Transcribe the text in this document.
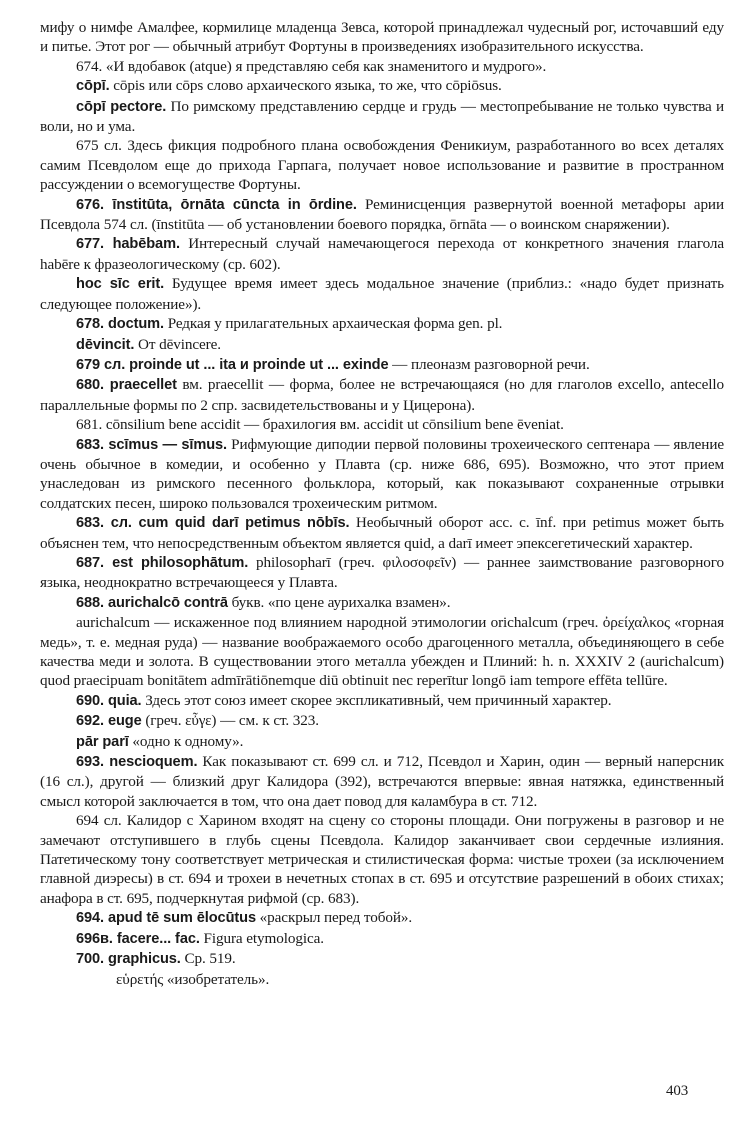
мифу о нимфе Амалфее, кормилице младенца Зевса, которой принадлежал чудесный рог, источавший еду и питье. Этот рог — обычный атрибут Фортуны в произведениях изобразительного искусства.

674. «И вдобавок (atque) я представляю себя как знаменитого и мудрого».

cōpī. cōpis или cōps слово архаического языка, то же, что cōpiōsus.

cōpī pectore. По римскому представлению сердце и грудь — местопребывание не только чувства и воли, но и ума.

675 сл. Здесь фикция подробного плана освобождения Феникиум, разработанного во всех деталях самим Псевдолом еще до прихода Гарпага, получает новое использование и развитие в пространном рассуждении о всемогуществе Фортуны.

676. īnstitūta, ōrnāta cūncta in ōrdine. Реминисценция развернутой военной метафоры арии Псевдола 574 сл. (īnstitūta — об установлении боевого порядка, ōrnāta — о воинском снаряжении).

677. habēbam. Интересный случай намечающегося перехода от конкретного значения глагола habēre к фразеологическому (ср. 602).

hoc sīc erit. Будущее время имеет здесь модальное значение (приблиз.: «надо будет признать следующее положение»).

678. doctum. Редкая у прилагательных архаическая форма gen. pl.

dēvincit. От dēvincere.

679 сл. proinde ut ... ita и proinde ut ... exinde — плеоназм разговорной речи.

680. praecellet вм. praecellit — форма, более не встречающаяся (но для глаголов excello, antecello параллельные формы по 2 спр. засвидетельствованы и у Цицерона).

681. cōnsilium bene accidit — брахилогия вм. accidit ut cōnsilium bene ēveniat.

683. scīmus — sīmus. Рифмующие диподии первой половины трохеического септенара — явление очень обычное в комедии, и особенно у Плавта (ср. ниже 686, 695). Возможно, что этот прием унаследован из римского песенного фольклора, который, как показывают сохраненные отрывки солдатских песен, широко пользовался трохеическим ритмом.

683. сл. cum quid darī petimus nōbīs. Необычный оборот acc. c. īnf. при petimus может быть объяснен тем, что непосредственным объектом является quid, а darī имеет эпексегетический характер.

687. est philosophātum. philosopharī (греч. φιλοσοφεῖν) — раннее заимствование разговорного языка, неоднократно встречающееся у Плавта.

688. aurichalcō contrā букв. «по цене аурихалка взамен».

aurichalcum — искаженное под влиянием народной этимологии orichalcum (греч. ὀρείχαλκος «горная медь», т. е. медная руда) — название воображаемого особо драгоценного металла, объединяющего в себе качества меди и золота. В существовании этого металла убежден и Плиний: h. n. XXXIV 2 (aurichalcum) quod praecipuam bonitātem admīrātiōnemque diū obtinuit nec reperītur longō iam tempore effēta tellūre.

690. quia. Здесь этот союз имеет скорее экспликативный, чем причинный характер.

692. euge (греч. εὖγε) — см. к ст. 323.

pār parī «одно к одному».

693. nescioquem. Как показывают ст. 699 сл. и 712, Псевдол и Харин, один — верный наперсник (16 сл.), другой — близкий друг Калидора (392), встречаются впервые: явная натяжка, единственный смысл которой заключается в том, что она дает повод для каламбура в ст. 712.

694 сл. Калидор с Харином входят на сцену со стороны площади. Они погружены в разговор и не замечают отступившего в глубь сцены Псевдола. Калидор заканчивает свои сердечные излияния. Патетическому тону соответствует метрическая и стилистическая форма: чистые трохеи (за исключением главной диэресы) в ст. 694 и трохеи в нечетных стопах в ст. 695 и отсутствие разрешений в обоих стихах; анафора в ст. 695, подчеркнутая рифмой (ср. 683).

694. apud tē sum ēlocūtus «раскрыл перед тобой».

696в. facere... fac. Figura etymologica.

700. graphicus. Ср. 519.

εὑρετής «изобретатель».

403
